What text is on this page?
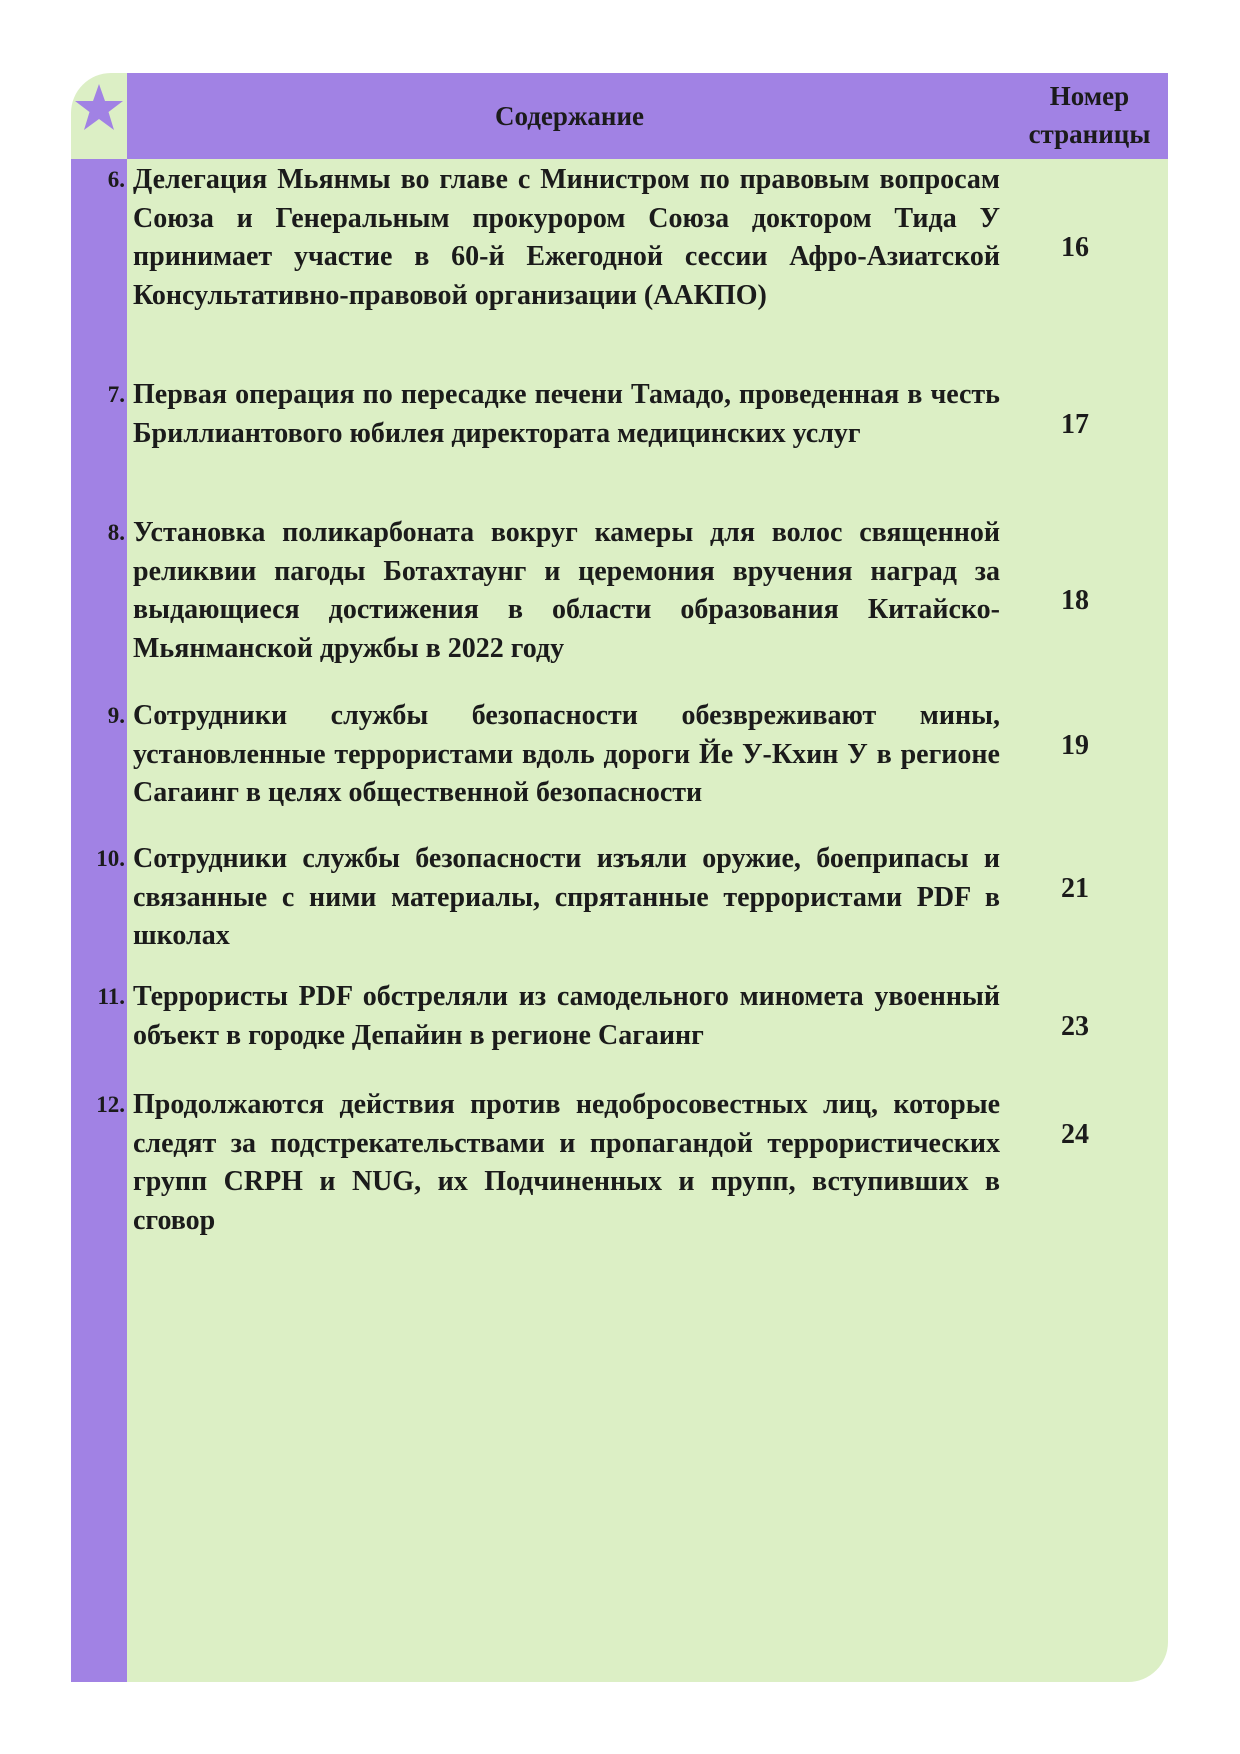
Содержание
Номер
страницы
6. Делегация Мьянмы во главе с Министром по правовым вопросам Союза и Генеральным прокурором Союза доктором Тида У принимает участие в 60-й Ежегодной сессии Афро-Азиатской Консультативно-правовой организации (ААКПО)
16
7. Первая операция по пересадке печени Тамадо, проведенная в честь Бриллиантового юбилея директората медицинских услуг	17
8. Установка поликарбоната вокруг камеры для волос священной реликвии пагоды Ботахтаунг и церемония вручения наград за выдающиеся достижения в области образования Китайско-Мьянманской дружбы в 2022 году
18
9. Сотрудники службы безопасности обезвреживают мины, установленные террористами вдоль дороги Йе У-Кхин У в регионе Сагаинг в целях общественной безопасности
19
10. Сотрудники службы безопасности изъяли оружие, боеприпасы и связанные с ними материалы, спрятанные террористами PDF в школах
21
11. Террористы PDF обстреляли из самодельного минометa увоенный объект в городке Депайин в регионе Сагаинг	23
12. Продолжаются действия против недобросовестных лиц, которые следят за подстрекательствами и пропагандой террористических групп CRPH и NUG, их Подчиненных и прупп, вступивших в сговор
24
